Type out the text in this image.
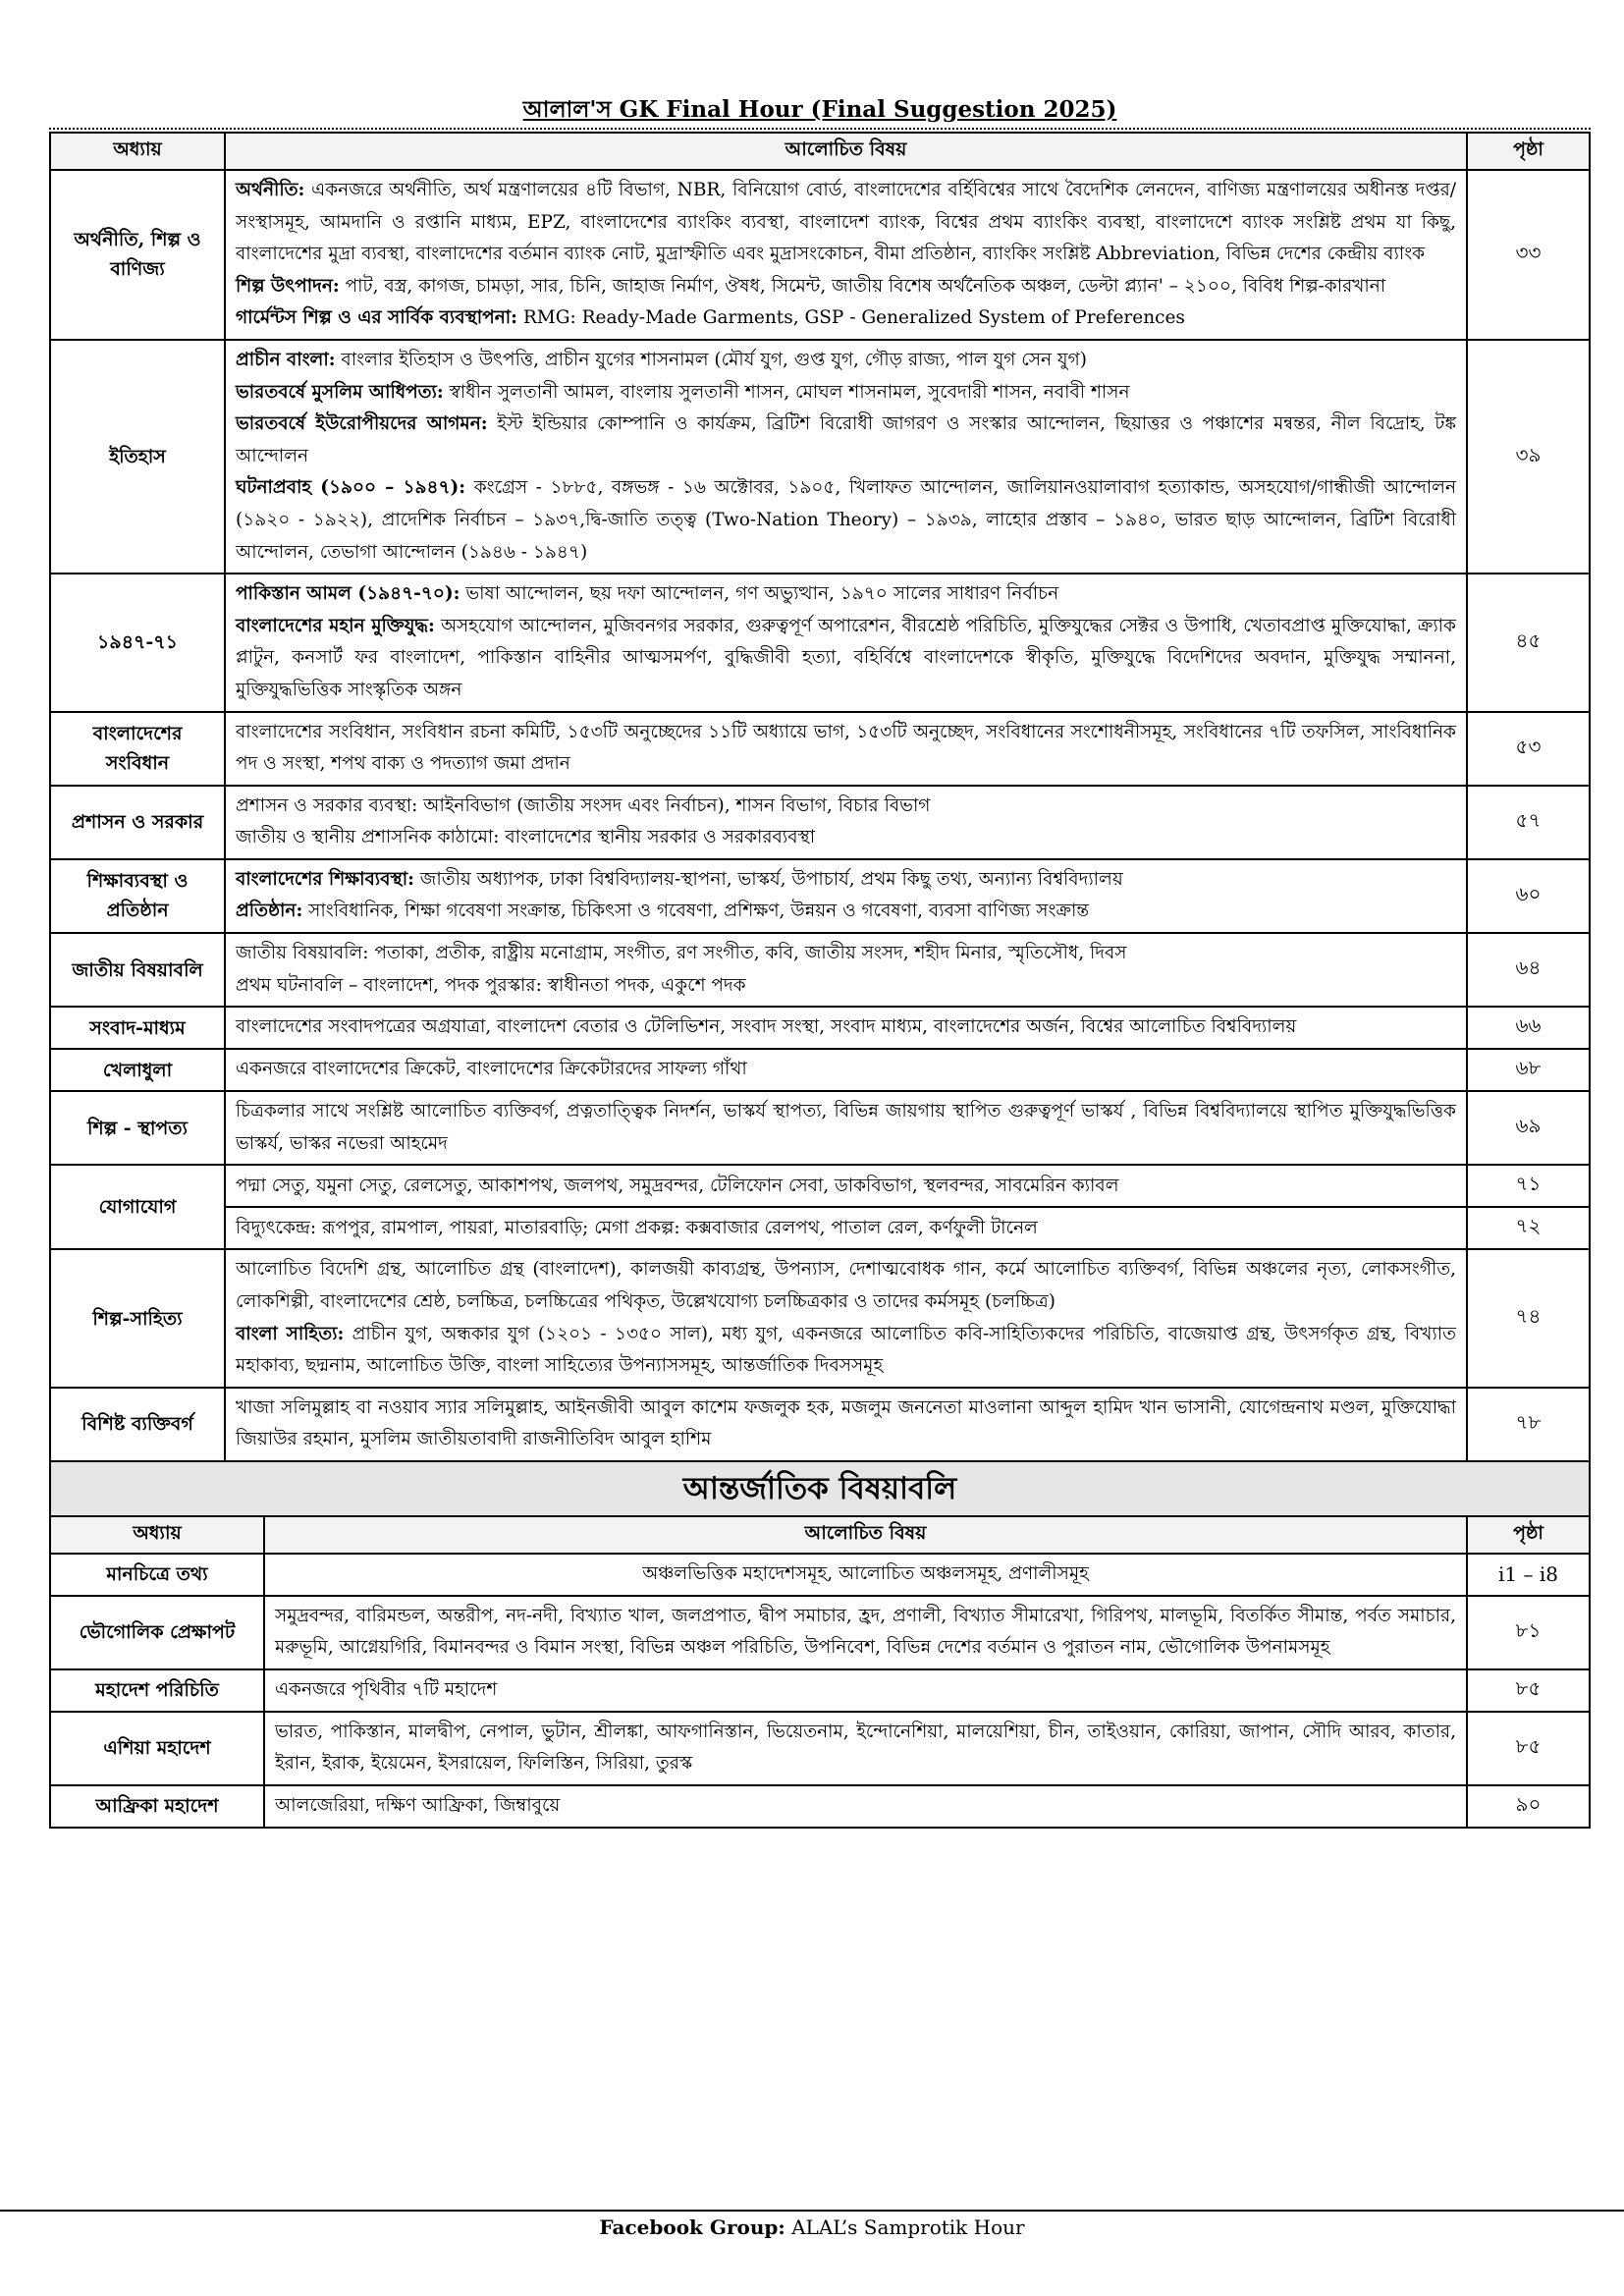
আলাল'স GK Final Hour (Final Suggestion 2025)
অধ্যায়	আলোচিত বিষয়	পৃষ্ঠা
অর্থনীতি, শিল্প ও বাণিজ্য	অর্থনীতি: একনজরে অর্থনীতি, অর্থ মন্ত্রণালয়ের ৪টি বিভাগ, NBR, বিনিয়োগ বোর্ড, বাংলাদেশের বর্হিবিশ্বের সাথে বৈদেশিক লেনদেন, বাণিজ্য মন্ত্রণালয়ের অধীনস্ত দপ্তর/সংস্থাসমূহ, আমদানি ও রপ্তানি মাধ্যম, EPZ, বাংলাদেশের ব্যাংকিং ব্যবস্থা, বাংলাদেশ ব্যাংক, বিশ্বের প্রথম ব্যাংকিং ব্যবস্থা, বাংলাদেশে ব্যাংক সংশ্লিষ্ট প্রথম যা কিছু, বাংলাদেশের মুদ্রা ব্যবস্থা, বাংলাদেশের বর্তমান ব্যাংক নোট, মুদ্রাস্ফীতি এবং মুদ্রাসংকোচন, বীমা প্রতিষ্ঠান, ব্যাংকিং সংশ্লিষ্ট Abbreviation, বিভিন্ন দেশের কেন্দ্রীয় ব্যাংক
শিল্প উৎপাদন: পাট, বস্ত্র, কাগজ, চামড়া, সার, চিনি, জাহাজ নির্মাণ, ঔষধ, সিমেন্ট, জাতীয় বিশেষ অর্থনৈতিক অঞ্চল, ডেল্টা প্ল্যান' – ২১০০, বিবিধ শিল্প-কারখানা
গার্মেন্টস শিল্প ও এর সার্বিক ব্যবস্থাপনা: RMG: Ready-Made Garments, GSP - Generalized System of Preferences	৩৩
ইতিহাস	প্রাচীন বাংলা: বাংলার ইতিহাস ও উৎপত্তি, প্রাচীন যুগের শাসনামল (মৌর্য যুগ, গুপ্ত যুগ, গৌড় রাজ্য, পাল যুগ সেন যুগ)
ভারতবর্ষে মুসলিম আধিপত্য: স্বাধীন সুলতানী আমল, বাংলায় সুলতানী শাসন, মোঘল শাসনামল, সুবেদারী শাসন, নবাবী শাসন
ভারতবর্ষে ইউরোপীয়দের আগমন: ইস্ট ইন্ডিয়ার কোম্পানি ও কার্যক্রম, ব্রিটিশ বিরোধী জাগরণ ও সংস্কার আন্দোলন, ছিয়াত্তর ও পঞ্চাশের মন্বন্তর, নীল বিদ্রোহ, টঙ্ক আন্দোলন
ঘটনাপ্রবাহ (১৯০০ – ১৯৪৭): কংগ্রেস - ১৮৮৫, বঙ্গভঙ্গ - ১৬ অক্টোবর, ১৯০৫, খিলাফত আন্দোলন, জালিয়ানওয়ালাবাগ হত্যাকান্ড, অসহযোগ/গান্ধীজী আন্দোলন (১৯২০ - ১৯২২), প্রাদেশিক নির্বাচন – ১৯৩৭,দ্বি-জাতি তত্ত্ব (Two-Nation Theory) – ১৯৩৯, লাহোর প্রস্তাব – ১৯৪০, ভারত ছাড় আন্দোলন, ব্রিটিশ বিরোধী আন্দোলন, তেভাগা আন্দোলন (১৯৪৬ - ১৯৪৭)	৩৯
১৯৪৭-৭১	পাকিস্তান আমল (১৯৪৭-৭০): ভাষা আন্দোলন, ছয় দফা আন্দোলন, গণ অভ্যুত্থান, ১৯৭০ সালের সাধারণ নির্বাচন
বাংলাদেশের মহান মুক্তিযুদ্ধ: অসহযোগ আন্দোলন, মুজিবনগর সরকার, গুরুত্বপূর্ণ অপারেশন, বীরশ্রেষ্ঠ পরিচিতি, মুক্তিযুদ্ধের সেক্টর ও উপাধি, খেতাবপ্রাপ্ত মুক্তিযোদ্ধা, ক্র্যাক প্লাটুন, কনসার্ট ফর বাংলাদেশ, পাকিস্তান বাহিনীর আত্মসমর্পণ, বুদ্ধিজীবী হত্যা, বহির্বিশ্বে বাংলাদেশকে স্বীকৃতি, মুক্তিযুদ্ধে বিদেশিদের অবদান, মুক্তিযুদ্ধ সম্মাননা, মুক্তিযুদ্ধভিত্তিক সাংস্কৃতিক অঙ্গন	৪৫
বাংলাদেশের সংবিধান	বাংলাদেশের সংবিধান, সংবিধান রচনা কমিটি, ১৫৩টি অনুচ্ছেদের ১১টি অধ্যায়ে ভাগ, ১৫৩টি অনুচ্ছেদ, সংবিধানের সংশোধনীসমূহ, সংবিধানের ৭টি তফসিল, সাংবিধানিক পদ ও সংস্থা, শপথ বাক্য ও পদত্যাগ জমা প্রদান	৫৩
প্রশাসন ও সরকার	প্রশাসন ও সরকার ব্যবস্থা: আইনবিভাগ (জাতীয় সংসদ এবং নির্বাচন), শাসন বিভাগ, বিচার বিভাগ
জাতীয় ও স্থানীয় প্রশাসনিক কাঠামো: বাংলাদেশের স্থানীয় সরকার ও সরকারব্যবস্থা	৫৭
শিক্ষাব্যবস্থা ও প্রতিষ্ঠান	বাংলাদেশের শিক্ষাব্যবস্থা: জাতীয় অধ্যাপক, ঢাকা বিশ্ববিদ্যালয়-স্থাপনা, ভাস্কর্য, উপাচার্য, প্রথম কিছু তথ্য, অন্যান্য বিশ্ববিদ্যালয়
প্রতিষ্ঠান: সাংবিধানিক, শিক্ষা গবেষণা সংক্রান্ত, চিকিৎসা ও গবেষণা, প্রশিক্ষণ, উন্নয়ন ও গবেষণা, ব্যবসা বাণিজ্য সংক্রান্ত	৬০
জাতীয় বিষয়াবলি	জাতীয় বিষয়াবলি: পতাকা, প্রতীক, রাষ্ট্রীয় মনোগ্রাম, সংগীত, রণ সংগীত, কবি, জাতীয় সংসদ, শহীদ মিনার, স্মৃতিসৌধ, দিবস
প্রথম ঘটনাবলি – বাংলাদেশ, পদক পুরস্কার: স্বাধীনতা পদক, একুশে পদক	৬৪
সংবাদ-মাধ্যম	বাংলাদেশের সংবাদপত্রের অগ্রযাত্রা, বাংলাদেশ বেতার ও টেলিভিশন, সংবাদ সংস্থা, সংবাদ মাধ্যম, বাংলাদেশের অর্জন, বিশ্বের আলোচিত বিশ্ববিদ্যালয়	৬৬
খেলাধুলা	একনজরে বাংলাদেশের ক্রিকেট, বাংলাদেশের ক্রিকেটারদের সাফল্য গাঁথা	৬৮
শিল্প - স্থাপত্য	চিত্রকলার সাথে সংশ্লিষ্ট আলোচিত ব্যক্তিবর্গ, প্রত্নতাত্ত্বিক নিদর্শন, ভাস্কর্য স্থাপত্য, বিভিন্ন জায়গায় স্থাপিত গুরুত্বপূর্ণ ভাস্কর্য , বিভিন্ন বিশ্ববিদ্যালয়ে স্থাপিত মুক্তিযুদ্ধভিত্তিক ভাস্কর্য, ভাস্কর নভেরা আহমেদ	৬৯
যোগাযোগ	পদ্মা সেতু, যমুনা সেতু, রেলসেতু, আকাশপথ, জলপথ, সমুদ্রবন্দর, টেলিফোন সেবা, ডাকবিভাগ, স্থলবন্দর, সাবমেরিন ক্যাবল	৭১
	বিদ্যুৎকেন্দ্র: রূপপুর, রামপাল, পায়রা, মাতারবাড়ি; মেগা প্রকল্প: কক্সবাজার রেলপথ, পাতাল রেল, কর্ণফুলী টানেল	৭২
শিল্প-সাহিত্য	আলোচিত বিদেশি গ্রন্থ, আলোচিত গ্রন্থ (বাংলাদেশ), কালজয়ী কাব্যগ্রন্থ, উপন্যাস, দেশাত্মবোধক গান, কর্মে আলোচিত ব্যক্তিবর্গ, বিভিন্ন অঞ্চলের নৃত্য, লোকসংগীত, লোকশিল্পী, বাংলাদেশের শ্রেষ্ঠ, চলচ্চিত্র, চলচ্চিত্রের পথিকৃত, উল্লেখযোগ্য চলচ্চিত্রকার ও তাদের কর্মসমূহ (চলচ্চিত্র)
বাংলা সাহিত্য: প্রাচীন যুগ, অন্ধকার যুগ (১২০১ - ১৩৫০ সাল), মধ্য যুগ, একনজরে আলোচিত কবি-সাহিত্যিকদের পরিচিতি, বাজেয়াপ্ত গ্রন্থ, উৎসর্গকৃত গ্রন্থ, বিখ্যাত মহাকাব্য, ছদ্মনাম, আলোচিত উক্তি, বাংলা সাহিত্যের উপন্যাসসমূহ, আন্তর্জাতিক দিবসসমূহ	৭৪
বিশিষ্ট ব্যক্তিবর্গ	খাজা সলিমুল্লাহ বা নওয়াব স্যার সলিমুল্লাহ, আইনজীবী আবুল কাশেম ফজলুক হক, মজলুম জননেতা মাওলানা আব্দুল হামিদ খান ভাসানী, যোগেন্দ্রনাথ মণ্ডল, মুক্তিযোদ্ধা জিয়াউর রহমান, মুসলিম জাতীয়তাবাদী রাজনীতিবিদ আবুল হাশিম	৭৮
আন্তর্জাতিক বিষয়াবলি
অধ্যায়	আলোচিত বিষয়	পৃষ্ঠা
মানচিত্রে তথ্য	অঞ্চলভিত্তিক মহাদেশসমূহ, আলোচিত অঞ্চলসমূহ, প্রণালীসমূহ	i1 – i8
ভৌগোলিক প্রেক্ষাপট	সমুদ্রবন্দর, বারিমন্ডল, অন্তরীপ, নদ-নদী, বিখ্যাত খাল, জলপ্রপাত, দ্বীপ সমাচার, হ্রদ, প্রণালী, বিখ্যাত সীমারেখা, গিরিপথ, মালভূমি, বিতর্কিত সীমান্ত, পর্বত সমাচার, মরুভূমি, আগ্নেয়গিরি, বিমানবন্দর ও বিমান সংস্থা, বিভিন্ন অঞ্চল পরিচিতি, উপনিবেশ, বিভিন্ন দেশের বর্তমান ও পুরাতন নাম, ভৌগোলিক উপনামসমূহ	৮১
মহাদেশ পরিচিতি	একনজরে পৃথিবীর ৭টি মহাদেশ	৮৫
এশিয়া মহাদেশ	ভারত, পাকিস্তান, মালদ্বীপ, নেপাল, ভুটান, শ্রীলঙ্কা, আফগানিস্তান, ভিয়েতনাম, ইন্দোনেশিয়া, মালয়েশিয়া, চীন, তাইওয়ান, কোরিয়া, জাপান, সৌদি আরব, কাতার, ইরান, ইরাক, ইয়েমেন, ইসরায়েল, ফিলিস্তিন, সিরিয়া, তুরস্ক	৮৫
আফ্রিকা মহাদেশ	আলজেরিয়া, দক্ষিণ আফ্রিকা, জিম্বাবুয়ে	৯০
Facebook Group: ALAL’s Samprotik Hour
